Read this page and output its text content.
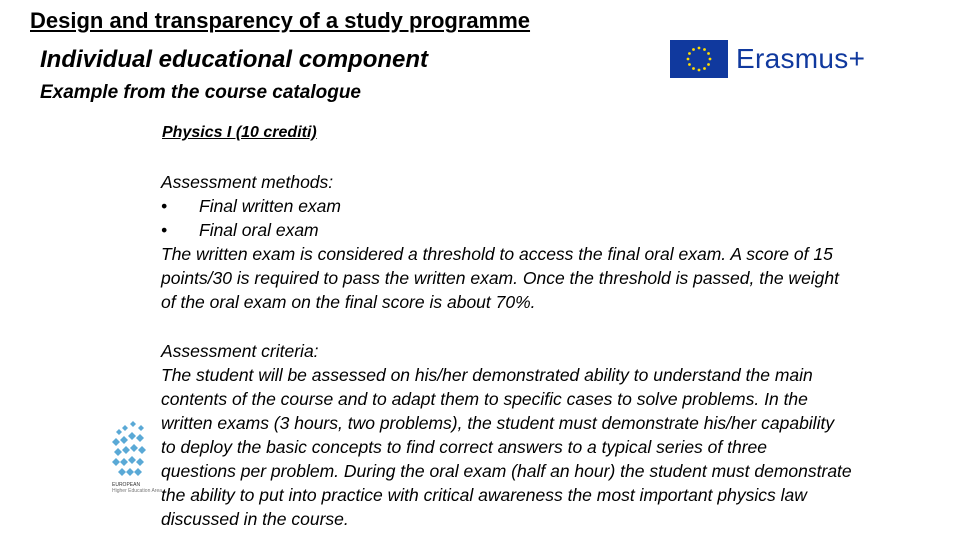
Design and transparency of a study programme
Individual educational component
Example from the course catalogue
Erasmus+
Physics I (10 crediti)
Assessment methods:
• Final written exam
• Final oral exam
The written exam is considered a threshold to access the final oral exam. A score of 15
points/30 is required to pass the written exam. Once the threshold is passed, the weight
of the oral exam on the final score is about 70%.
Assessment criteria:
The student will be assessed on his/her demonstrated ability to understand the main
contents of the course and to adapt them to specific cases to solve problems. In the
written exams (3 hours, two problems), the student must demonstrate his/her capability
to deploy the basic concepts to find correct answers to a typical series of three
questions per problem. During the oral exam (half an hour) the student must demonstrate
the ability to put into practice with critical awareness the most important physics law
discussed in the course.
EUROPEAN
Higher Education Area
